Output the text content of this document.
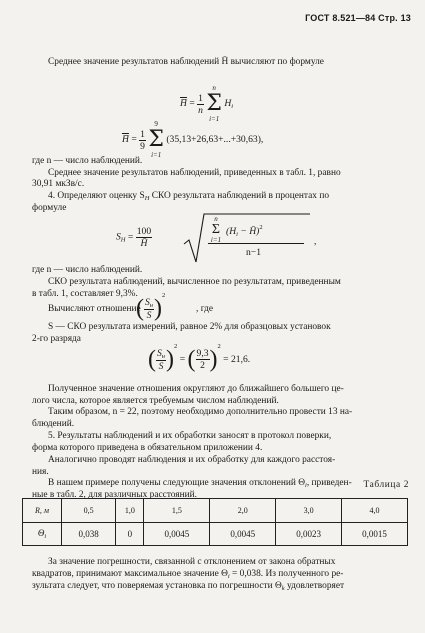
ГОСТ 8.521—84 Стр. 13
Среднее значение результатов наблюдений H̄ вычисляют по формуле
H̄ = $\frac{1}{n}$

n
Σ
i=1
$H_i$
H̄ = $\frac{1}{9}$

9
Σ
i=1
(35,13+26,63+...+30,63),
где n — число наблюдений.
Среднее значение результатов наблюдений, приведенных в табл. 1, равно
30,91 мкЗв/с.
4. Определяют оценку $S_H$ СКО результата наблюдений в процентах по
формуле
$S_H = \frac{100}{H̄}$
n
Σ
i=1
($H_i$ − H̄)$^2$
n−1
,
где n — число наблюдений.
СКО результата наблюдений, вычисленное по результатам, приведенным
в табл. 1, составляет 9,3%.
Вычисляют отношение
( $\frac{S_н}{S} )^2$
, где
S — СКО результата измерений, равное 2% для образцовых установок
2-го разряда
( $\frac{S_н}{S} )^2$ = ( $\frac{9,3}{2} )^2 = 21,6$.
Полученное значение отношения округляют до ближайшего большего це-
лого числа, которое является требуемым числом наблюдений.
Таким образом, n = 22, поэтому необходимо дополнительно провести 13 на-
блюдений.
5. Результаты наблюдений и их обработки заносят в протокол поверки,
форма которого приведена в обязательном приложении 4.
Аналогично проводят наблюдения и их обработку для каждого расстоя-
ния.
В нашем примере получены следующие значения отклонений $\Theta_i$, приведен-
ные в табл. 2, для различных расстояний.
Таблица 2
R, м	0,5	1,0	1,5	2,0	3,0	4,0
$\Theta_i$	0,038	0	0,0045	0,0045	0,0023	0,0015
За значение погрешности, связанной с отклонением от закона обратных
квадратов, принимают максимальное значение $\Theta_i = 0,038$. Из полученного ре-
зультата следует, что поверяемая установка по погрешности $\Theta_k$ удовлетворяет
